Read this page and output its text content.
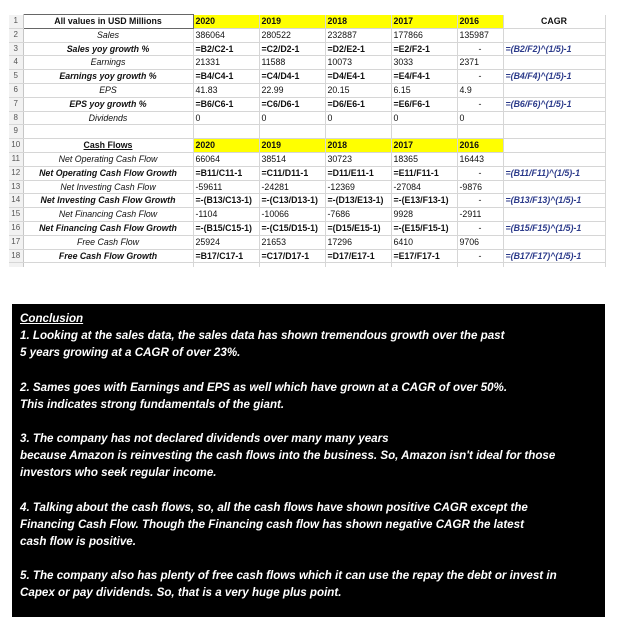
1	All values in USD Millions	2020	2019	2018	2017	2016	CAGR
2	Sales	386064	280522	232887	177866	135987	
3	Sales yoy growth %	=B2/C2-1	=C2/D2-1	=D2/E2-1	=E2/F2-1	-	=(B2/F2)^(1/5)-1
4	Earnings	21331	11588	10073	3033	2371	
5	Earnings yoy growth %	=B4/C4-1	=C4/D4-1	=D4/E4-1	=E4/F4-1	-	=(B4/F4)^(1/5)-1
6	EPS	41.83	22.99	20.15	6.15	4.9	
7	EPS yoy growth %	=B6/C6-1	=C6/D6-1	=D6/E6-1	=E6/F6-1	-	=(B6/F6)^(1/5)-1
8	Dividends	0	0	0	0	0	
9							
10	Cash Flows	2020	2019	2018	2017	2016	
11	Net Operating Cash Flow	66064	38514	30723	18365	16443	
12	Net Operating Cash Flow Growth	=B11/C11-1	=C11/D11-1	=D11/E11-1	=E11/F11-1	-	=(B11/F11)^(1/5)-1
13	Net Investing Cash Flow	-59611	-24281	-12369	-27084	-9876	
14	Net Investing Cash Flow Growth	=-(B13/C13-1)	=-(C13/D13-1)	=-(D13/E13-1)	=-(E13/F13-1)	-	=(B13/F13)^(1/5)-1
15	Net Financing Cash Flow	-1104	-10066	-7686	9928	-2911	
16	Net Financing Cash Flow Growth	=-(B15/C15-1)	=-(C15/D15-1)	=(D15/E15-1)	=-(E15/F15-1)	-	=(B15/F15)^(1/5)-1
17	Free Cash Flow	25924	21653	17296	6410	9706	
18	Free Cash Flow Growth	=B17/C17-1	=C17/D17-1	=D17/E17-1	=E17/F17-1	-	=(B17/F17)^(1/5)-1

Conclusion

1. Looking at the sales data, the sales data has shown tremendous growth over the past
5 years growing at a CAGR of over 23%.

2. Sames goes with Earnings and EPS as well which have grown at a CAGR of over 50%.
This indicates strong fundamentals of the giant.

3. The company has not declared dividends over many many years
because Amazon is reinvesting the cash flows into the business. So, Amazon isn't ideal for those
investors who seek regular income.

4. Talking about the cash flows, so, all the cash flows have shown positive CAGR except the
Financing Cash Flow. Though the Financing cash flow has shown negative CAGR the latest
cash flow is positive.

5. The company also has plenty of free cash flows which it can use the repay the debt or invest in
Capex or pay dividends. So, that is a very huge plus point.
